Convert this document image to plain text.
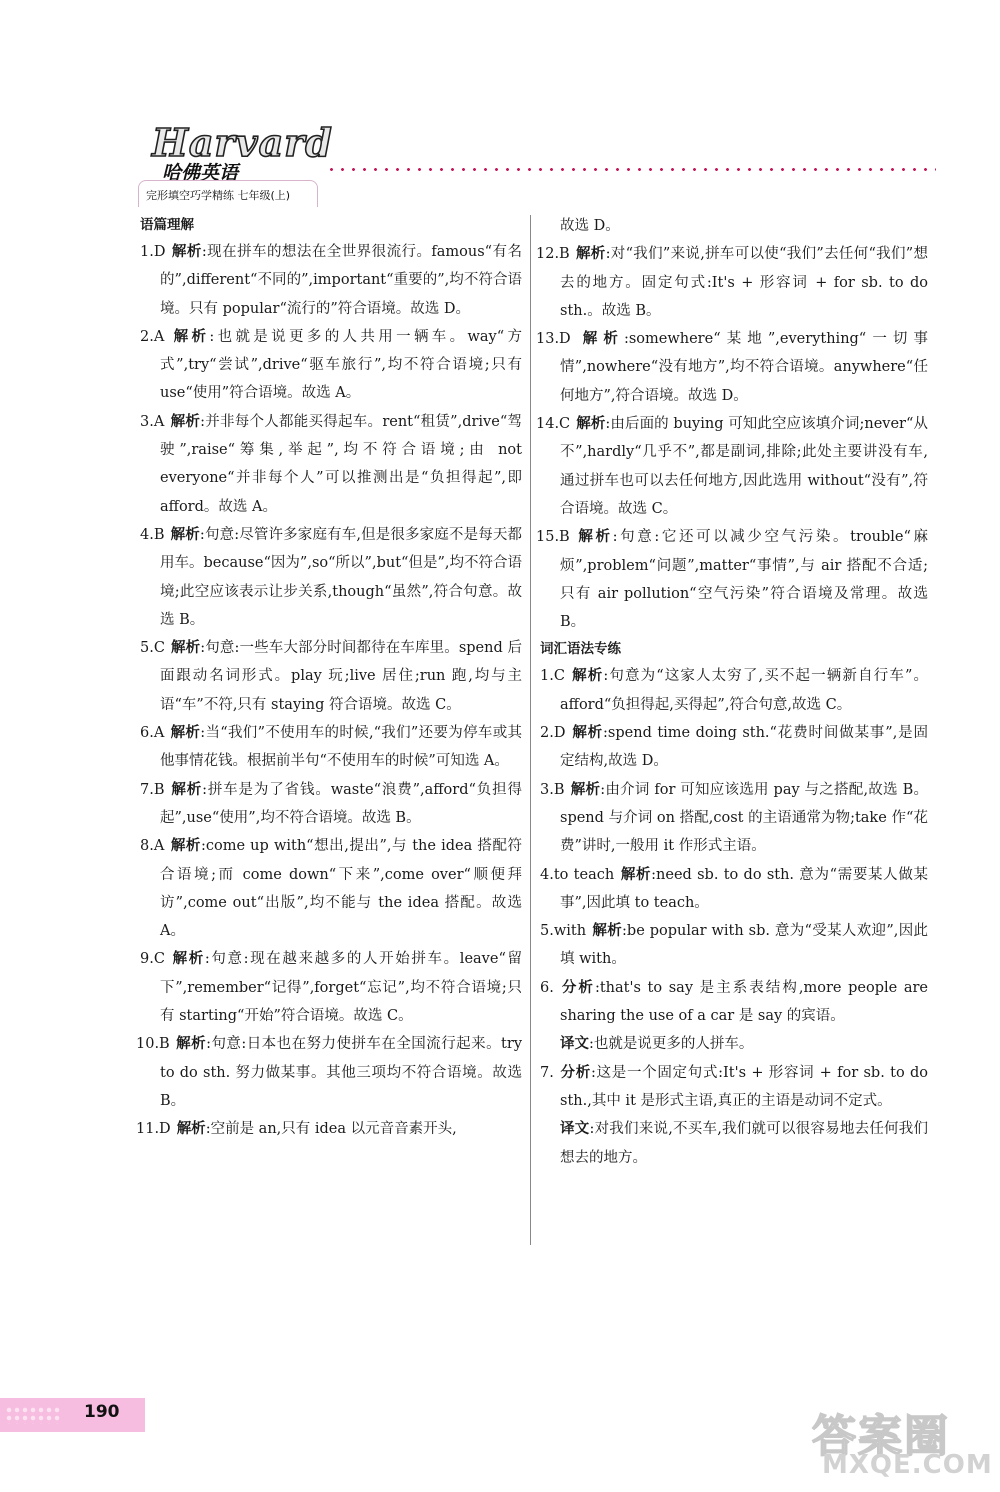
Harvard
哈佛英语
完形填空巧学精练 七年级(上)
语篇理解

1.D 解析:现在拼车的想法在全世界很流行。famous“有名的”,different“不同的”,important“重要的”,均不符合语境。只有 popular“流行的”符合语境。故选 D。

2.A 解析:也就是说更多的人共用一辆车。way“方式”,try“尝试”,drive“驱车旅行”,均不符合语境;只有 use“使用”符合语境。故选 A。

3.A 解析:并非每个人都能买得起车。rent“租赁”,drive“驾驶”,raise“筹集,举起”,均不符合语境;由 not everyone“并非每个人”可以推测出是“负担得起”,即 afford。故选 A。

4.B 解析:句意:尽管许多家庭有车,但是很多家庭不是每天都用车。because“因为”,so“所以”,but“但是”,均不符合语境;此空应该表示让步关系,though“虽然”,符合句意。故选 B。

5.C 解析:句意:一些车大部分时间都待在车库里。spend 后面跟动名词形式。play 玩;live 居住;run 跑,均与主语“车”不符,只有 staying 符合语境。故选 C。

6.A 解析:当“我们”不使用车的时候,“我们”还要为停车或其他事情花钱。根据前半句“不使用车的时候”可知选 A。

7.B 解析:拼车是为了省钱。waste“浪费”,afford“负担得起”,use“使用”,均不符合语境。故选 B。

8.A 解析:come up with“想出,提出”,与 the idea 搭配符合语境;而 come down“下来”,come over“顺便拜访”,come out“出版”,均不能与 the idea 搭配。故选 A。

9.C 解析:句意:现在越来越多的人开始拼车。leave“留下”,remember“记得”,forget“忘记”,均不符合语境;只有 starting“开始”符合语境。故选 C。

10.B 解析:句意:日本也在努力使拼车在全国流行起来。try to do sth. 努力做某事。其他三项均不符合语境。故选 B。

11.D 解析:空前是 an,只有 idea 以元音音素开头,

故选 D。

12.B 解析:对“我们”来说,拼车可以使“我们”去任何“我们”想去的地方。固定句式:It's + 形容词 + for sb. to do sth.。故选 B。

13.D 解析:somewhere“某地”,everything“一切事情”,nowhere“没有地方”,均不符合语境。anywhere“任何地方”,符合语境。故选 D。

14.C 解析:由后面的 buying 可知此空应该填介词;never“从不”,hardly“几乎不”,都是副词,排除;此处主要讲没有车,通过拼车也可以去任何地方,因此选用 without“没有”,符合语境。故选 C。

15.B 解析:句意:它还可以减少空气污染。trouble“麻烦”,problem“问题”,matter“事情”,与 air 搭配不合适;只有 air pollution“空气污染”符合语境及常理。故选 B。

词汇语法专练

1.C 解析:句意为“这家人太穷了,买不起一辆新自行车”。afford“负担得起,买得起”,符合句意,故选 C。

2.D 解析:spend time doing sth.“花费时间做某事”,是固定结构,故选 D。

3.B 解析:由介词 for 可知应该选用 pay 与之搭配,故选 B。spend 与介词 on 搭配,cost 的主语通常为物;take 作“花费”讲时,一般用 it 作形式主语。

4.to teach 解析:need sb. to do sth. 意为“需要某人做某事”,因此填 to teach。

5.with 解析:be popular with sb. 意为“受某人欢迎”,因此填 with。

6. 分析:that's to say 是主系表结构,more people are sharing the use of a car 是 say 的宾语。

译文:也就是说更多的人拼车。

7. 分析:这是一个固定句式:It's + 形容词 + for sb. to do sth.,其中 it 是形式主语,真正的主语是动词不定式。

译文:对我们来说,不买车,我们就可以很容易地去任何我们想去的地方。

190	答案圈
MXQE.COM
